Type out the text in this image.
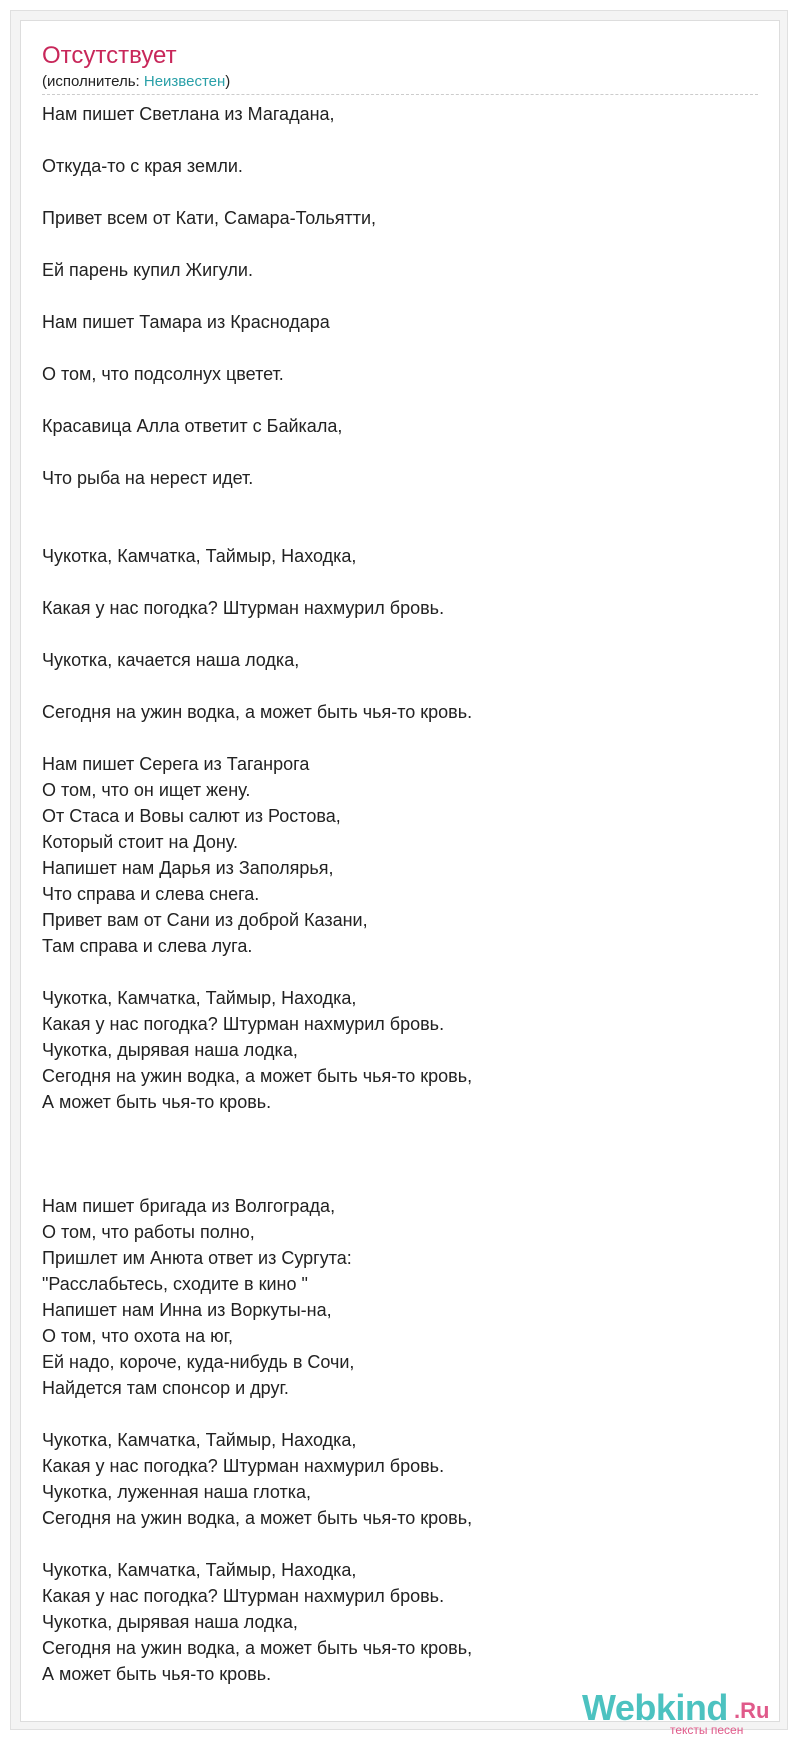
Отсутствует
(исполнитель: Неизвестен)
Нам пишет Светлана из Магадана,
Откуда-то с края земли.
Привет всем от Кати, Самара-Тольятти,
Ей парень купил Жигули.
Нам пишет Тамара из Краснодара
О том, что подсолнух цветет.
Красавица Алла ответит с Байкала,
Что рыба на нерест идет.
Чукотка, Камчатка, Таймыр, Находка,
Какая у нас погодка? Штурман нахмурил бровь.
Чукотка, качается наша лодка,
Сегодня на ужин водка, а может быть чья-то кровь.
Нам пишет Серега из Таганрога
О том, что он ищет жену.
От Стаса и Вовы салют из Ростова,
Который стоит на Дону.
Напишет нам Дарья из Заполярья,
Что справа и слева снега.
Привет вам от Сани из доброй Казани,
Там справа и слева луга.
Чукотка, Камчатка, Таймыр, Находка,
Какая у нас погодка? Штурман нахмурил бровь.
Чукотка, дырявая наша лодка,
Сегодня на ужин водка, а может быть чья-то кровь,
А может быть чья-то кровь.
Нам пишет бригада из Волгограда,
О том, что работы полно,
Пришлет им Анюта ответ из Сургута:
"Расслабьтесь, сходите в кино "
Напишет нам Инна из Воркуты-на,
О том, что охота на юг,
Ей надо, короче, куда-нибудь в Сочи,
Найдется там спонсор и друг.
Чукотка, Камчатка, Таймыр, Находка,
Какая у нас погодка? Штурман нахмурил бровь.
Чукотка, луженная наша глотка,
Сегодня на ужин водка, а может быть чья-то кровь,
Чукотка, Камчатка, Таймыр, Находка,
Какая у нас погодка? Штурман нахмурил бровь.
Чукотка, дырявая наша лодка,
Сегодня на ужин водка, а может быть чья-то кровь,
А может быть чья-то кровь.
Webkind .Ru
тексты песен
